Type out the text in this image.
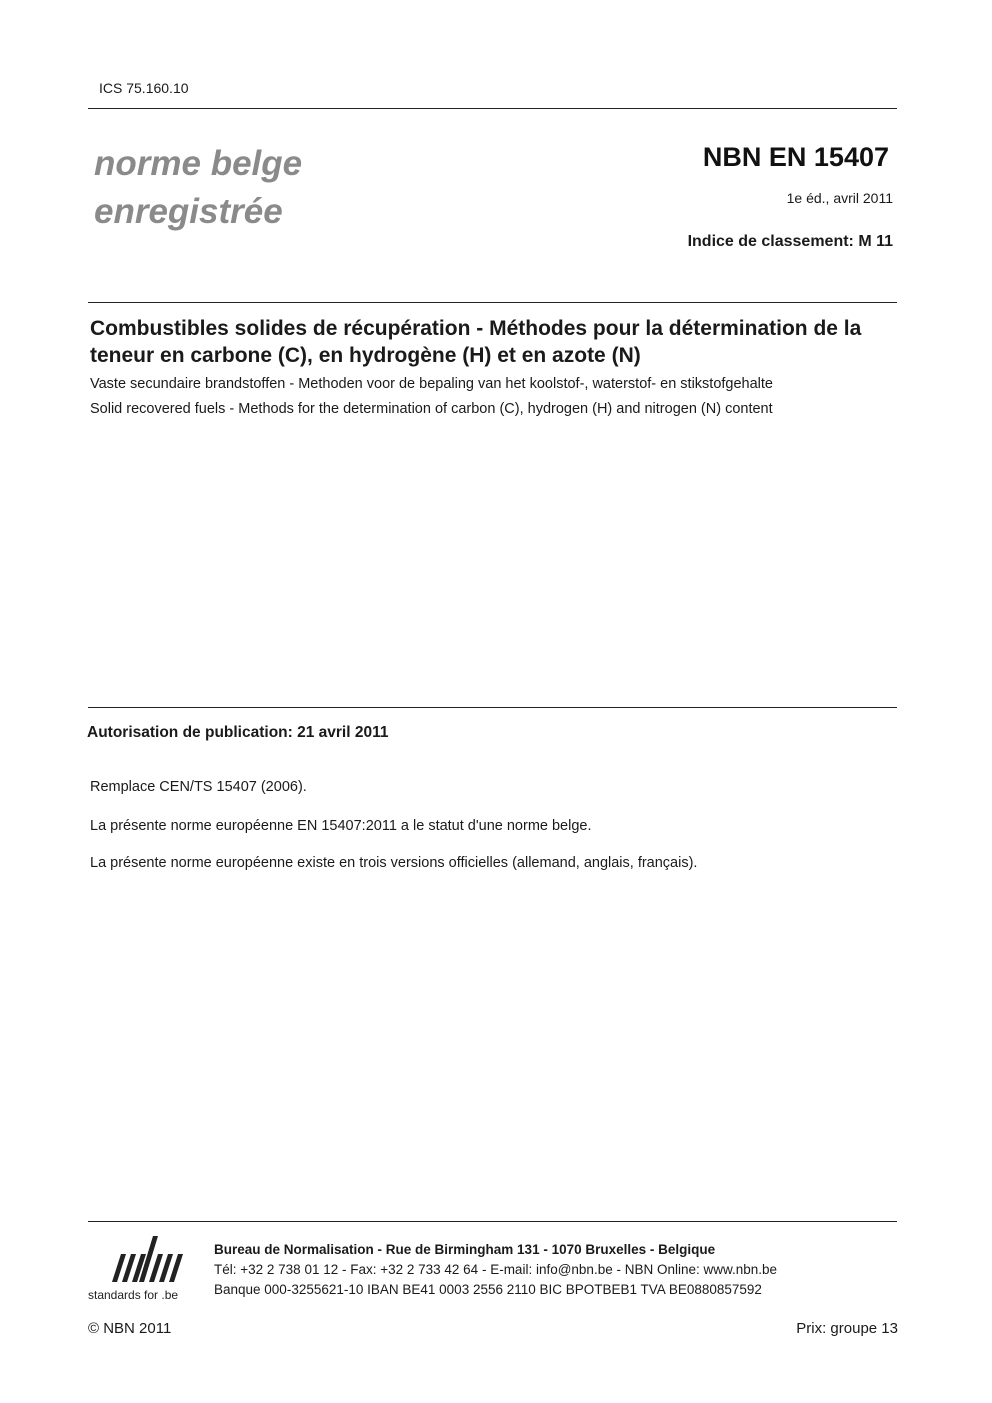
ICS 75.160.10
norme belge
enregistrée
NBN EN 15407
1e éd., avril 2011
Indice de classement: M 11
Combustibles solides de récupération - Méthodes pour la détermination de la teneur en carbone (C), en hydrogène (H) et en azote (N)
Vaste secundaire brandstoffen - Methoden voor de bepaling van het koolstof-, waterstof- en stikstofgehalte
Solid recovered fuels - Methods for the determination of carbon (C), hydrogen (H) and nitrogen (N) content
Autorisation de publication: 21 avril 2011
Remplace CEN/TS 15407 (2006).
La présente norme européenne EN 15407:2011 a le statut d'une norme belge.
La présente norme européenne existe en trois versions officielles (allemand, anglais, français).
standards for .be
Bureau de Normalisation - Rue de Birmingham 131 - 1070 Bruxelles - Belgique
Tél: +32 2 738 01 12 - Fax: +32 2 733 42 64 - E-mail: info@nbn.be - NBN Online: www.nbn.be
Banque 000-3255621-10 IBAN BE41 0003 2556 2110 BIC BPOTBEB1 TVA BE0880857592
© NBN 2011	Prix: groupe 13
